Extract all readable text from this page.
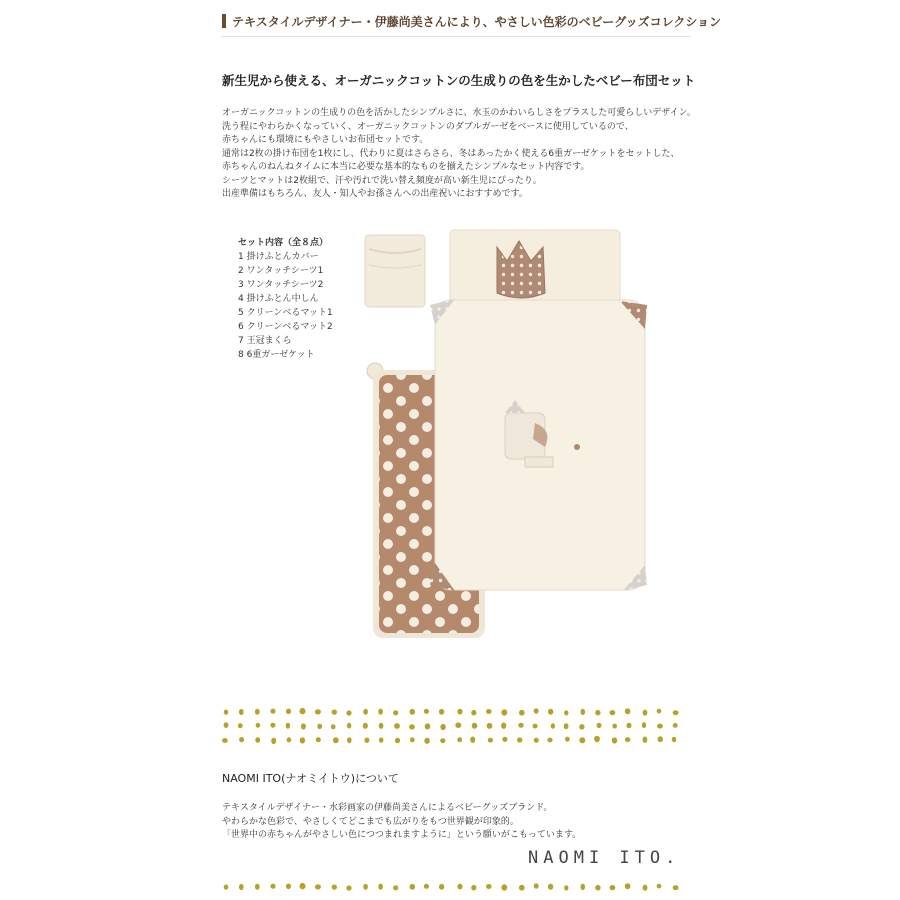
テキスタイルデザイナー・伊藤尚美さんにより、やさしい色彩のベビーグッズコレクション
新生児から使える、オーガニックコットンの生成りの色を生かしたベビー布団セット
オーガニックコットンの生成りの色を活かしたシンプルさに、水玉のかわいらしさをプラスした可愛らしいデザイン。
洗う程にやわらかくなっていく、オーガニックコットンのダブルガーゼをベースに使用しているので、
赤ちゃんにも環境にもやさしいお布団セットです。
通常は2枚の掛け布団を1枚にし、代わりに夏はさらさら、冬はあったかく使える6重ガーゼケットをセットした、
赤ちゃんのねんねタイムに本当に必要な基本的なものを揃えたシンプルなセット内容です。
シーツとマットは2枚組で、汗や汚れで洗い替え頻度が高い新生児にぴったり。
出産準備はもちろん、友人・知人やお孫さんへの出産祝いにおすすめです。
セット内容（全８点）
1 掛けふとんカバー
2 ワンタッチシーツ1
3 ワンタッチシーツ2
4 掛けふとん中しん
5 クリーンベるマット1
6 クリーンベるマット2
7 王冠まくら
8 6重ガーゼケット
NAOMI ITO(ナオミイトウ)について
テキスタイルデザイナー・水彩画家の伊藤尚美さんによるベビーグッズブランド。
やわらかな色彩で、やさしくてどこまでも広がりをもつ世界観が印象的。
「世界中の赤ちゃんがやさしい色につつまれますように」という願いがこもっています。
NAOMI ITO.
